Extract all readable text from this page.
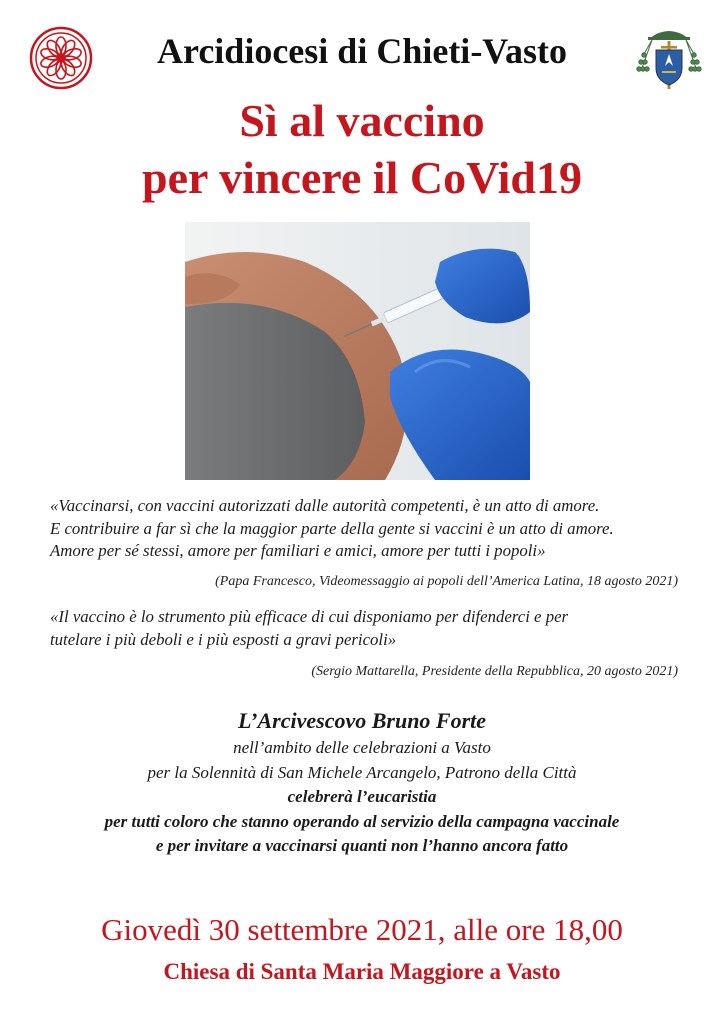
Arcidiocesi di Chieti-Vasto
Sì al vaccino
per vincere il CoVid19
«Vaccinarsi, con vaccini autorizzati dalle autorità competenti, è un atto di amore.
E contribuire a far sì che la maggior parte della gente si vaccini è un atto di amore.
Amore per sé stessi, amore per familiari e amici, amore per tutti i popoli»
(Papa Francesco, Videomessaggio ai popoli dell’America Latina, 18 agosto 2021)
«Il vaccino è lo strumento più efficace di cui disponiamo per difenderci e per
tutelare i più deboli e i più esposti a gravi pericoli»
(Sergio Mattarella, Presidente della Repubblica, 20 agosto 2021)
L’Arcivescovo Bruno Forte
nell’ambito delle celebrazioni a Vasto
per la Solennità di San Michele Arcangelo, Patrono della Città
celebrerà l’eucaristia
per tutti coloro che stanno operando al servizio della campagna vaccinale
e per invitare a vaccinarsi quanti non l’hanno ancora fatto
Giovedì 30 settembre 2021, alle ore 18,00
Chiesa di Santa Maria Maggiore a Vasto
